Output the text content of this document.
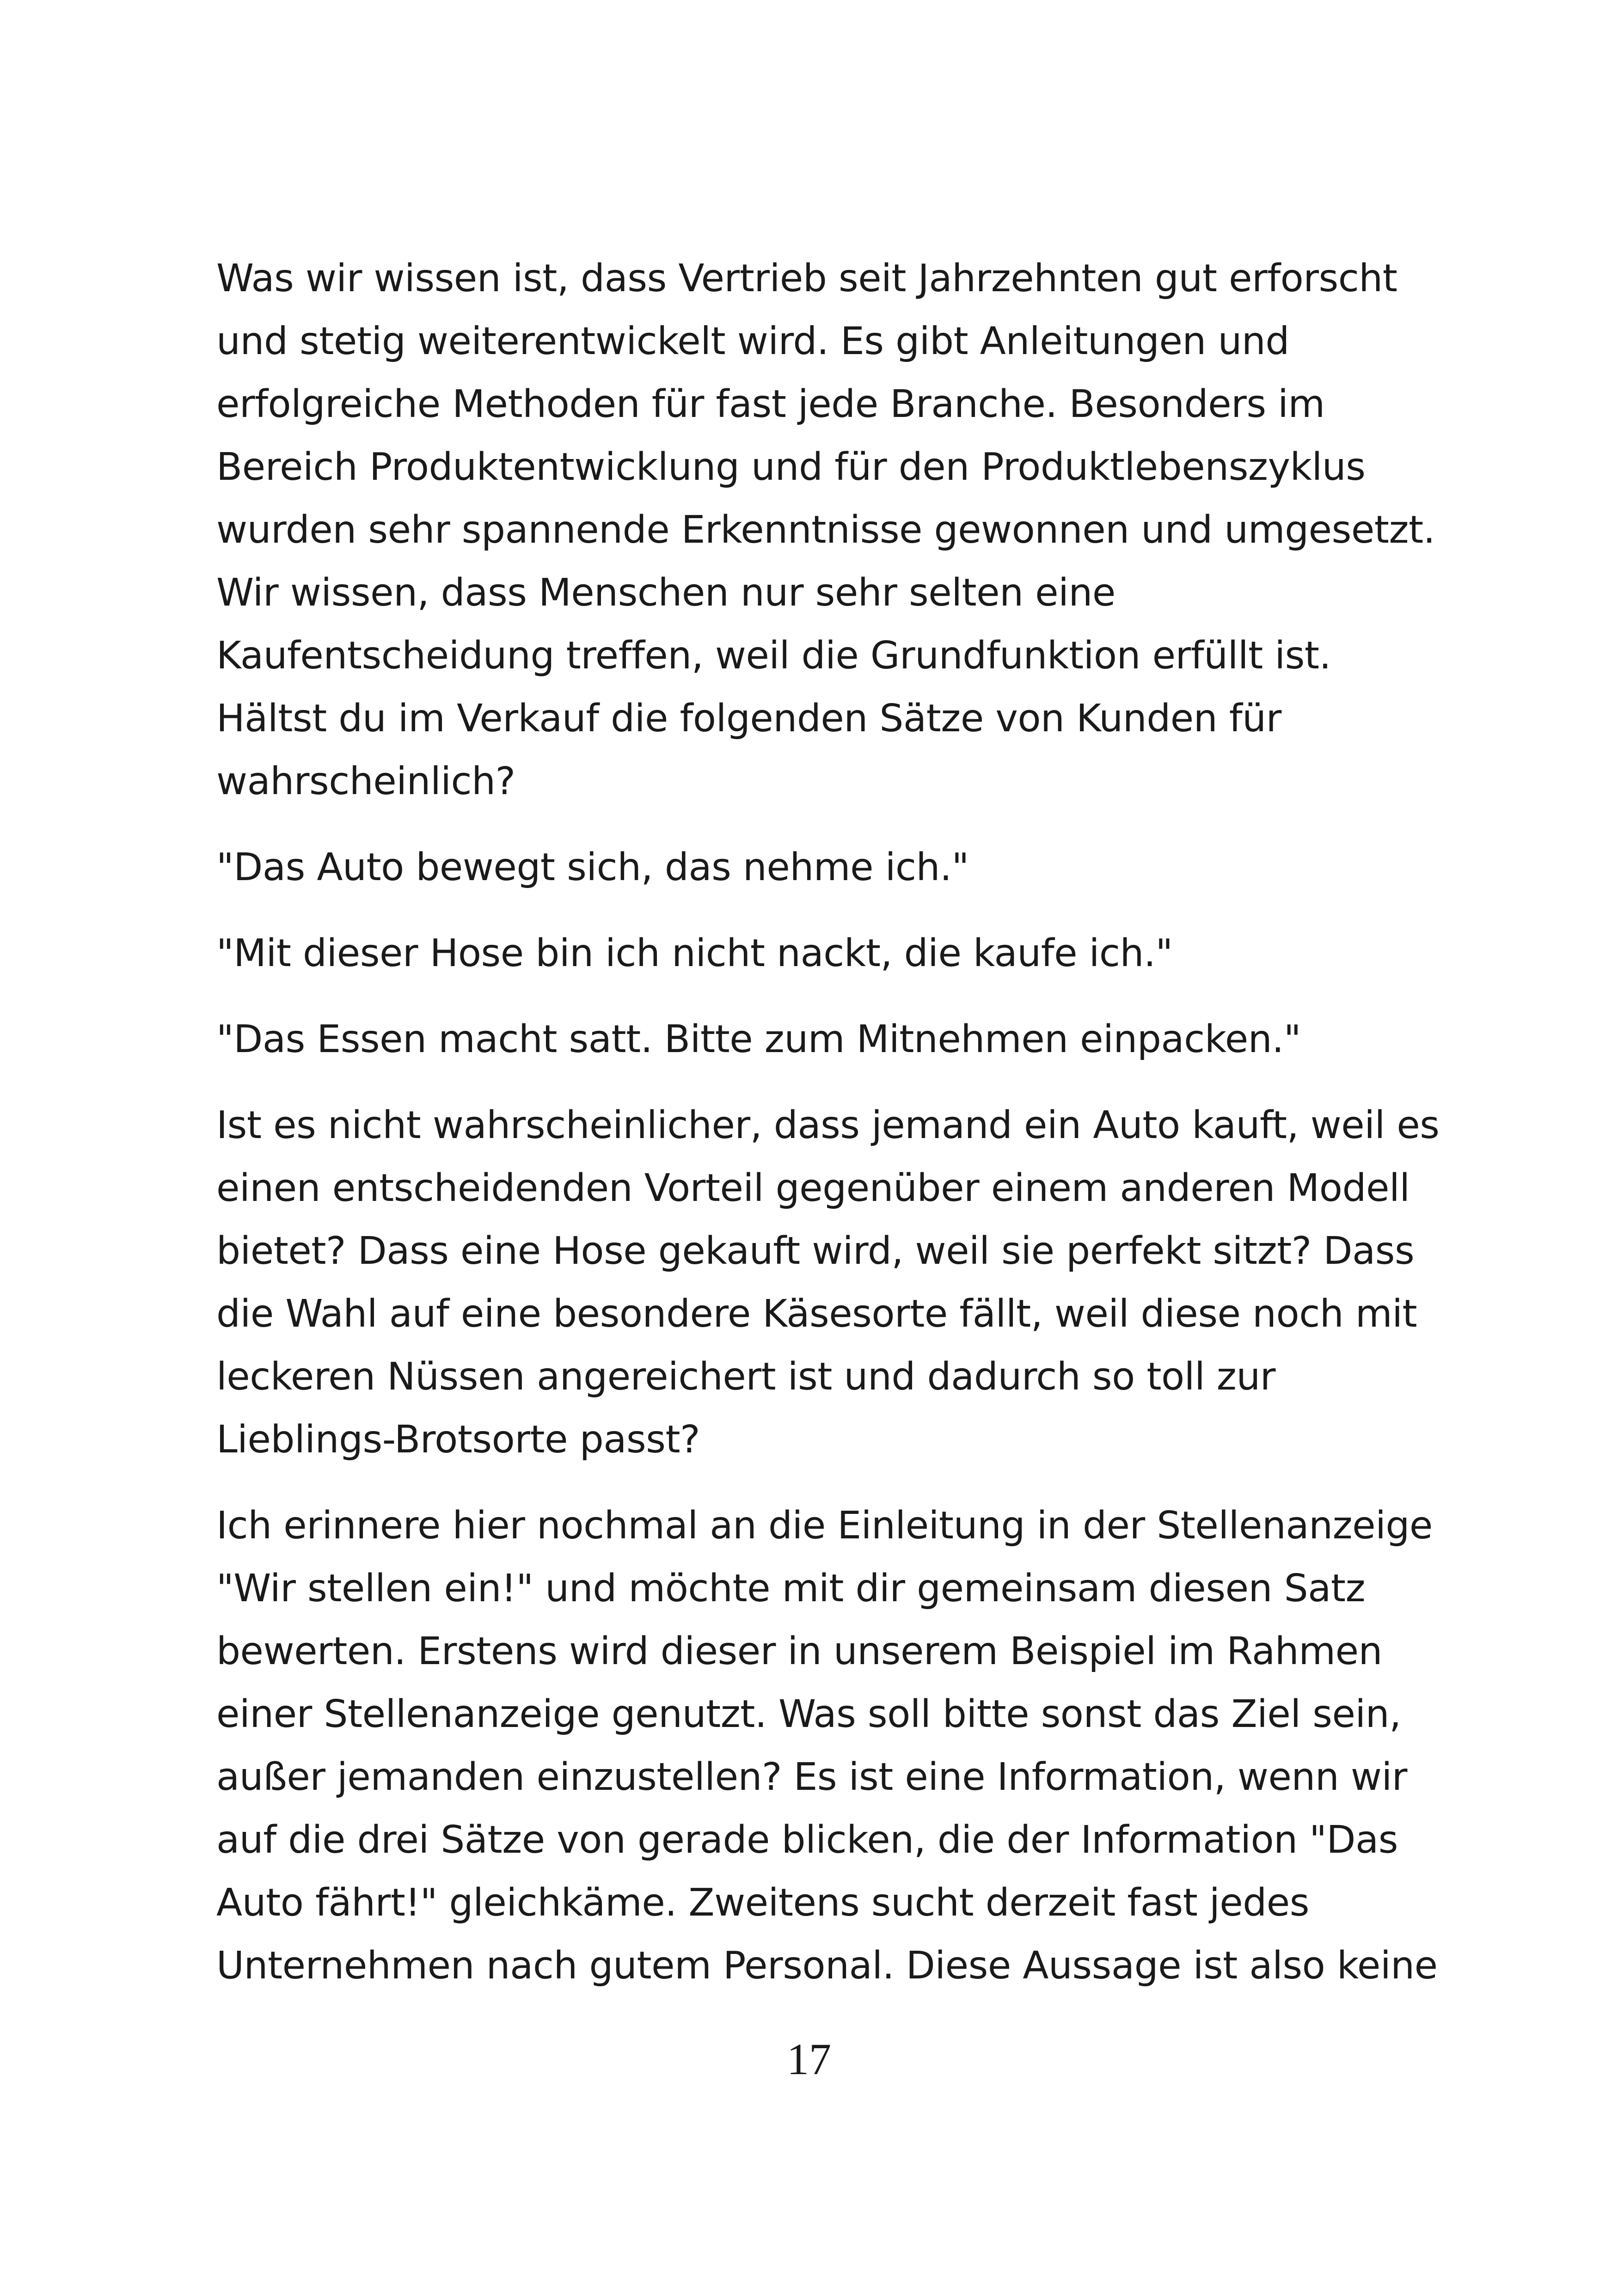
Was wir wissen ist, dass Vertrieb seit Jahrzehnten gut erforscht
und stetig weiterentwickelt wird. Es gibt Anleitungen und
erfolgreiche Methoden für fast jede Branche. Besonders im
Bereich Produktentwicklung und für den Produktlebenszyklus
wurden sehr spannende Erkenntnisse gewonnen und umgesetzt.
Wir wissen, dass Menschen nur sehr selten eine
Kaufentscheidung treffen, weil die Grundfunktion erfüllt ist.
Hältst du im Verkauf die folgenden Sätze von Kunden für
wahrscheinlich?

"Das Auto bewegt sich, das nehme ich."

"Mit dieser Hose bin ich nicht nackt, die kaufe ich."

"Das Essen macht satt. Bitte zum Mitnehmen einpacken."

Ist es nicht wahrscheinlicher, dass jemand ein Auto kauft, weil es
einen entscheidenden Vorteil gegenüber einem anderen Modell
bietet? Dass eine Hose gekauft wird, weil sie perfekt sitzt? Dass
die Wahl auf eine besondere Käsesorte fällt, weil diese noch mit
leckeren Nüssen angereichert ist und dadurch so toll zur
Lieblings-Brotsorte passt?

Ich erinnere hier nochmal an die Einleitung in der Stellenanzeige
"Wir stellen ein!" und möchte mit dir gemeinsam diesen Satz
bewerten. Erstens wird dieser in unserem Beispiel im Rahmen
einer Stellenanzeige genutzt. Was soll bitte sonst das Ziel sein,
außer jemanden einzustellen? Es ist eine Information, wenn wir
auf die drei Sätze von gerade blicken, die der Information "Das
Auto fährt!" gleichkäme. Zweitens sucht derzeit fast jedes
Unternehmen nach gutem Personal. Diese Aussage ist also keine

17
